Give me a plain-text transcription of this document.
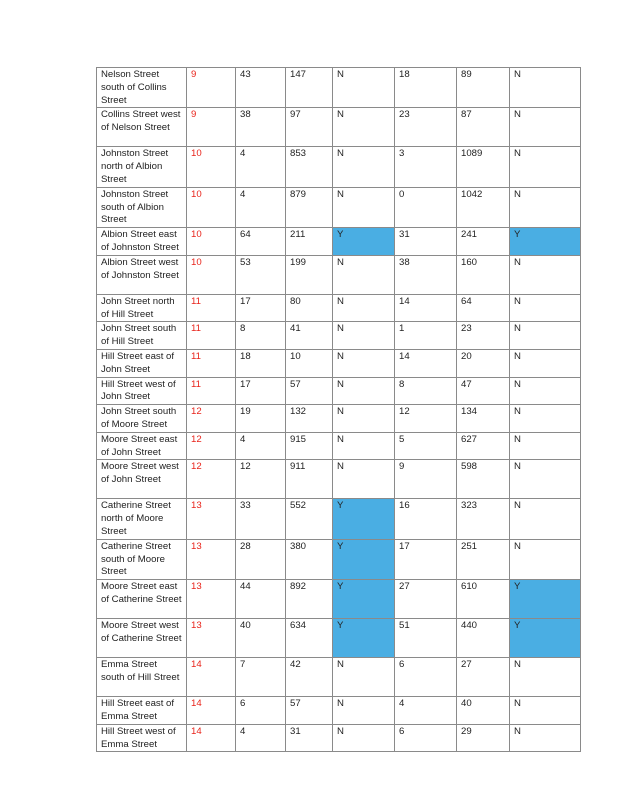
Nelson Street south of Collins Street	9	43	147	N	18	89	N
Collins Street west of Nelson Street	9	38	97	N	23	87	N
Johnston Street north of Albion Street	10	4	853	N	3	1089	N
Johnston Street south of Albion Street	10	4	879	N	0	1042	N
Albion Street east of Johnston Street	10	64	211	Y	31	241	Y
Albion Street west of Johnston Street	10	53	199	N	38	160	N
John Street north of Hill Street	11	17	80	N	14	64	N
John Street south of Hill Street	11	8	41	N	1	23	N
Hill Street east of John Street	11	18	10	N	14	20	N
Hill Street west of John Street	11	17	57	N	8	47	N
John Street south of Moore Street	12	19	132	N	12	134	N
Moore Street east of John Street	12	4	915	N	5	627	N
Moore Street west of John Street	12	12	911	N	9	598	N
Catherine Street north of Moore Street	13	33	552	Y	16	323	N
Catherine Street south of Moore Street	13	28	380	Y	17	251	N
Moore Street east of Catherine Street	13	44	892	Y	27	610	Y
Moore Street west of Catherine Street	13	40	634	Y	51	440	Y
Emma Street south of Hill Street	14	7	42	N	6	27	N
Hill Street east of Emma Street	14	6	57	N	4	40	N
Hill Street west of Emma Street	14	4	31	N	6	29	N
